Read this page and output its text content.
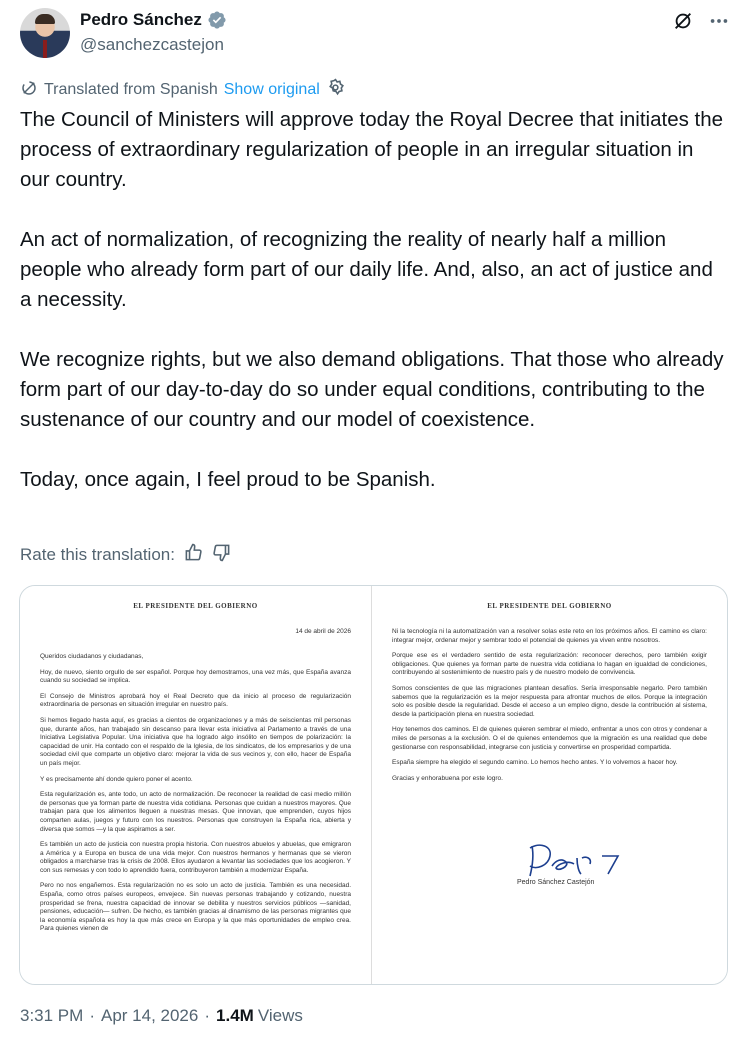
Pedro Sánchez
@sanchezcastejon
Translated from Spanish Show original

The Council of Ministers will approve today the Royal Decree that initiates the process of extraordinary regularization of people in an irregular situation in our country.

An act of normalization, of recognizing the reality of nearly half a million people who already form part of our daily life. And, also, an act of justice and a necessity.

We recognize rights, but we also demand obligations. That those who already form part of our day-to-day do so under equal conditions, contributing to the sustenance of our country and our model of coexistence.

Today, once again, I feel proud to be Spanish.

Rate this translation:
EL PRESIDENTE DEL GOBIERNO
14 de abril de 2026
Queridos ciudadanos y ciudadanas,
Hoy, de nuevo, siento orgullo de ser español. Porque hoy demostramos, una vez más, que España avanza cuando su sociedad se implica.
El Consejo de Ministros aprobará hoy el Real Decreto que da inicio al proceso de regularización extraordinaria de personas en situación irregular en nuestro país.
Si hemos llegado hasta aquí, es gracias a cientos de organizaciones y a más de seiscientas mil personas que, durante años, han trabajado sin descanso para llevar esta iniciativa al Parlamento a través de una Iniciativa Legislativa Popular. Una iniciativa que ha logrado algo insólito en tiempos de polarización: la capacidad de unir. Ha contado con el respaldo de la Iglesia, de los sindicatos, de los empresarios y de una sociedad civil que comparte un objetivo claro: mejorar la vida de sus vecinos y, con ello, hacer de España un país mejor.
Y es precisamente ahí donde quiero poner el acento.
Esta regularización es, ante todo, un acto de normalización. De reconocer la realidad de casi medio millón de personas que ya forman parte de nuestra vida cotidiana. Personas que cuidan a nuestros mayores. Que trabajan para que los alimentos lleguen a nuestras mesas. Que innovan, que emprenden, cuyos hijos comparten aulas, juegos y futuro con los nuestros. Personas que construyen la España rica, abierta y diversa que somos —y la que aspiramos a ser.
Es también un acto de justicia con nuestra propia historia. Con nuestros abuelos y abuelas, que emigraron a América y a Europa en busca de una vida mejor. Con nuestros hermanos y hermanas que se vieron obligados a marcharse tras la crisis de 2008. Ellos ayudaron a levantar las sociedades que los acogieron. Y con sus remesas y con todo lo aprendido fuera, contribuyeron también a modernizar España.
Pero no nos engañemos. Esta regularización no es solo un acto de justicia. También es una necesidad. España, como otros países europeos, envejece. Sin nuevas personas trabajando y cotizando, nuestra prosperidad se frena, nuestra capacidad de innovar se debilita y nuestros servicios públicos —sanidad, pensiones, educación— sufren. De hecho, es también gracias al dinamismo de las personas migrantes que la economía española es hoy la que más crece en Europa y la que más oportunidades de empleo crea. Para quienes vienen de
EL PRESIDENTE DEL GOBIERNO
Ni la tecnología ni la automatización van a resolver solas este reto en los próximos años. El camino es claro: integrar mejor, ordenar mejor y sembrar todo el potencial de quienes ya viven entre nosotros.
Porque ese es el verdadero sentido de esta regularización: reconocer derechos, pero también exigir obligaciones. Que quienes ya forman parte de nuestra vida cotidiana lo hagan en igualdad de condiciones, contribuyendo al sostenimiento de nuestro país y de nuestro modelo de convivencia.
Somos conscientes de que las migraciones plantean desafíos. Sería irresponsable negarlo. Pero también sabemos que la regularización es la mejor respuesta para afrontar muchos de ellos. Porque la integración solo es posible desde la regularidad. Desde el acceso a un empleo digno, desde la contribución al sistema, desde la participación plena en nuestra sociedad.
Hoy tenemos dos caminos. El de quienes quieren sembrar el miedo, enfrentar a unos con otros y condenar a miles de personas a la exclusión. O el de quienes entendemos que la migración es una realidad que debe gestionarse con responsabilidad, integrarse con justicia y convertirse en prosperidad compartida.
España siempre ha elegido el segundo camino. Lo hemos hecho antes. Y lo volvemos a hacer hoy.
Gracias y enhorabuena por este logro.
Pedro Sánchez Castejón
3:31 PM · Apr 14, 2026 · 1.4M Views
